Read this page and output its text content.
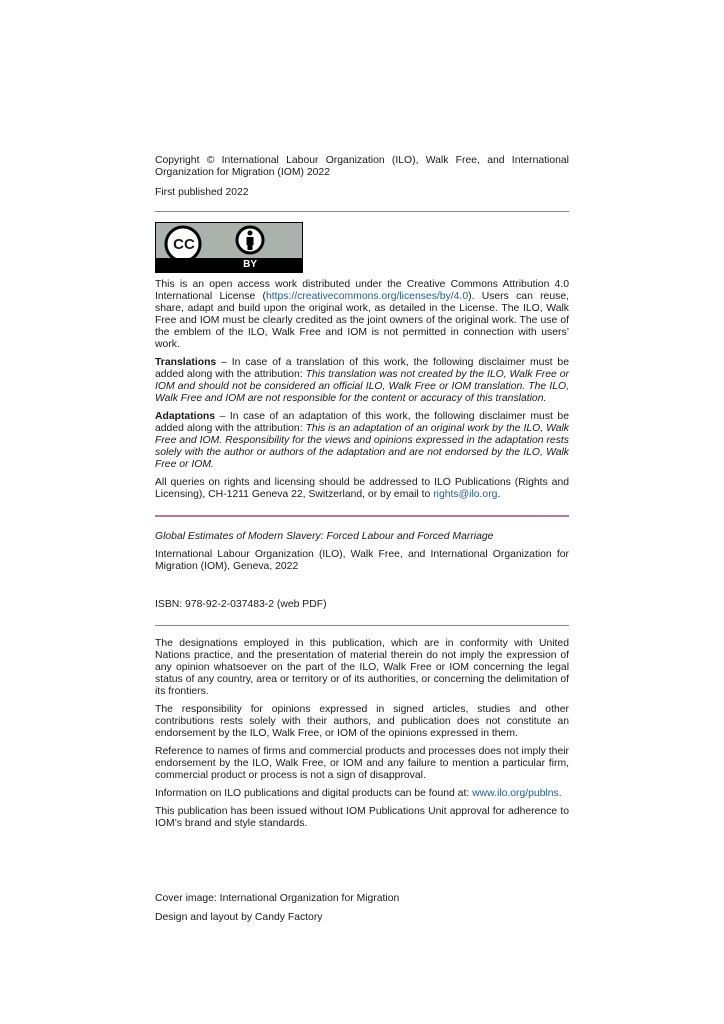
Copyright © International Labour Organization (ILO), Walk Free, and International Organization for Migration (IOM) 2022

First published 2022

CC
BY

This is an open access work distributed under the Creative Commons Attribution 4.0 International License (https://creativecommons.org/licenses/by/4.0). Users can reuse, share, adapt and build upon the original work, as detailed in the License. The ILO, Walk Free and IOM must be clearly credited as the joint owners of the original work. The use of the emblem of the ILO, Walk Free and IOM is not permitted in connection with users’ work.

Translations – In case of a translation of this work, the following disclaimer must be added along with the attribution: This translation was not created by the ILO, Walk Free or IOM and should not be considered an official ILO, Walk Free or IOM translation. The ILO, Walk Free and IOM are not responsible for the content or accuracy of this translation.

Adaptations – In case of an adaptation of this work, the following disclaimer must be added along with the attribution: This is an adaptation of an original work by the ILO, Walk Free and IOM. Responsibility for the views and opinions expressed in the adaptation rests solely with the author or authors of the adaptation and are not endorsed by the ILO, Walk Free or IOM.

All queries on rights and licensing should be addressed to ILO Publications (Rights and Licensing), CH-1211 Geneva 22, Switzerland, or by email to rights@ilo.org.

Global Estimates of Modern Slavery: Forced Labour and Forced Marriage

International Labour Organization (ILO), Walk Free, and International Organization for Migration (IOM), Geneva, 2022

ISBN: 978-92-2-037483-2 (web PDF)

The designations employed in this publication, which are in conformity with United Nations practice, and the presentation of material therein do not imply the expression of any opinion whatsoever on the part of the ILO, Walk Free or IOM concerning the legal status of any country, area or territory or of its authorities, or concerning the delimitation of its frontiers.

The responsibility for opinions expressed in signed articles, studies and other contributions rests solely with their authors, and publication does not constitute an endorsement by the ILO, Walk Free, or IOM of the opinions expressed in them.

Reference to names of firms and commercial products and processes does not imply their endorsement by the ILO, Walk Free, or IOM and any failure to mention a particular firm, commercial product or process is not a sign of disapproval.

Information on ILO publications and digital products can be found at: www.ilo.org/publns.

This publication has been issued without IOM Publications Unit approval for adherence to IOM’s brand and style standards.

Cover image: International Organization for Migration

Design and layout by Candy Factory
